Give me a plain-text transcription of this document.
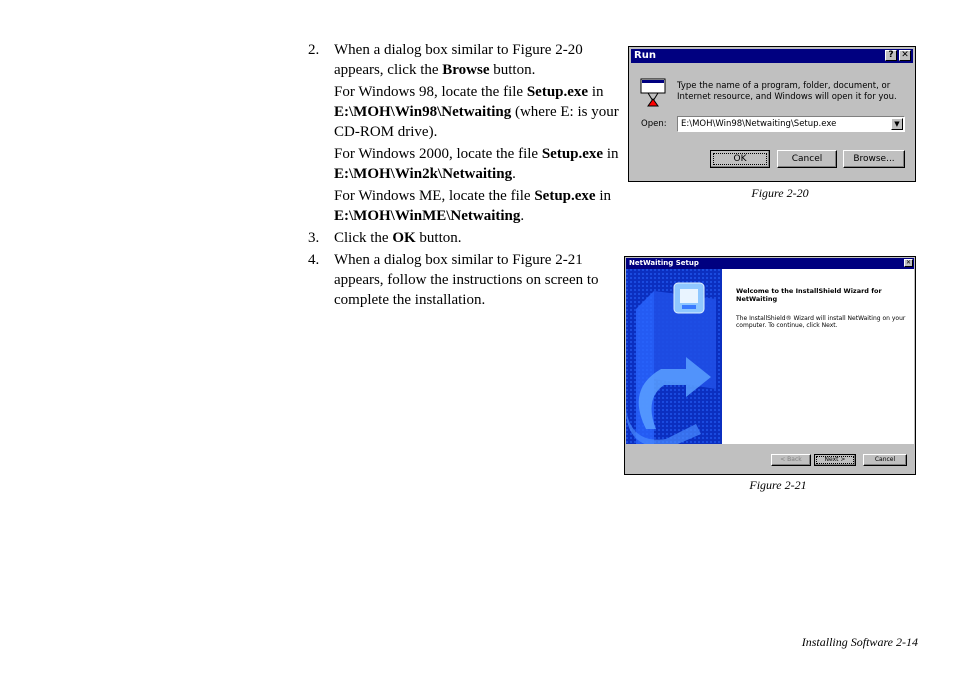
2. When a dialog box similar to Figure 2-20 appears, click the Browse button.
For Windows 98, locate the file Setup.exe in E:\MOH\Win98\Netwaiting (where E: is your CD-ROM drive).
For Windows 2000, locate the file Setup.exe in E:\MOH\Win2k\Netwaiting.
For Windows ME, locate the file Setup.exe in E:\MOH\WinME\Netwaiting.
3. Click the OK button.
4. When a dialog box similar to Figure 2-21 appears, follow the instructions on screen to complete the installation.
Run	? ✕
Type the name of a program, folder, document, or Internet resource, and Windows will open it for you.
Open: E:\MOH\Win98\Netwaiting\Setup.exe	▼
OK	Cancel	Browse...
Figure 2-20
NetWaiting Setup	✕
Welcome to the InstallShield Wizard for NetWaiting
The InstallShield® Wizard will install NetWaiting on your computer. To continue, click Next.
< Back	Next >	Cancel
Figure 2-21
Installing Software 2-14
